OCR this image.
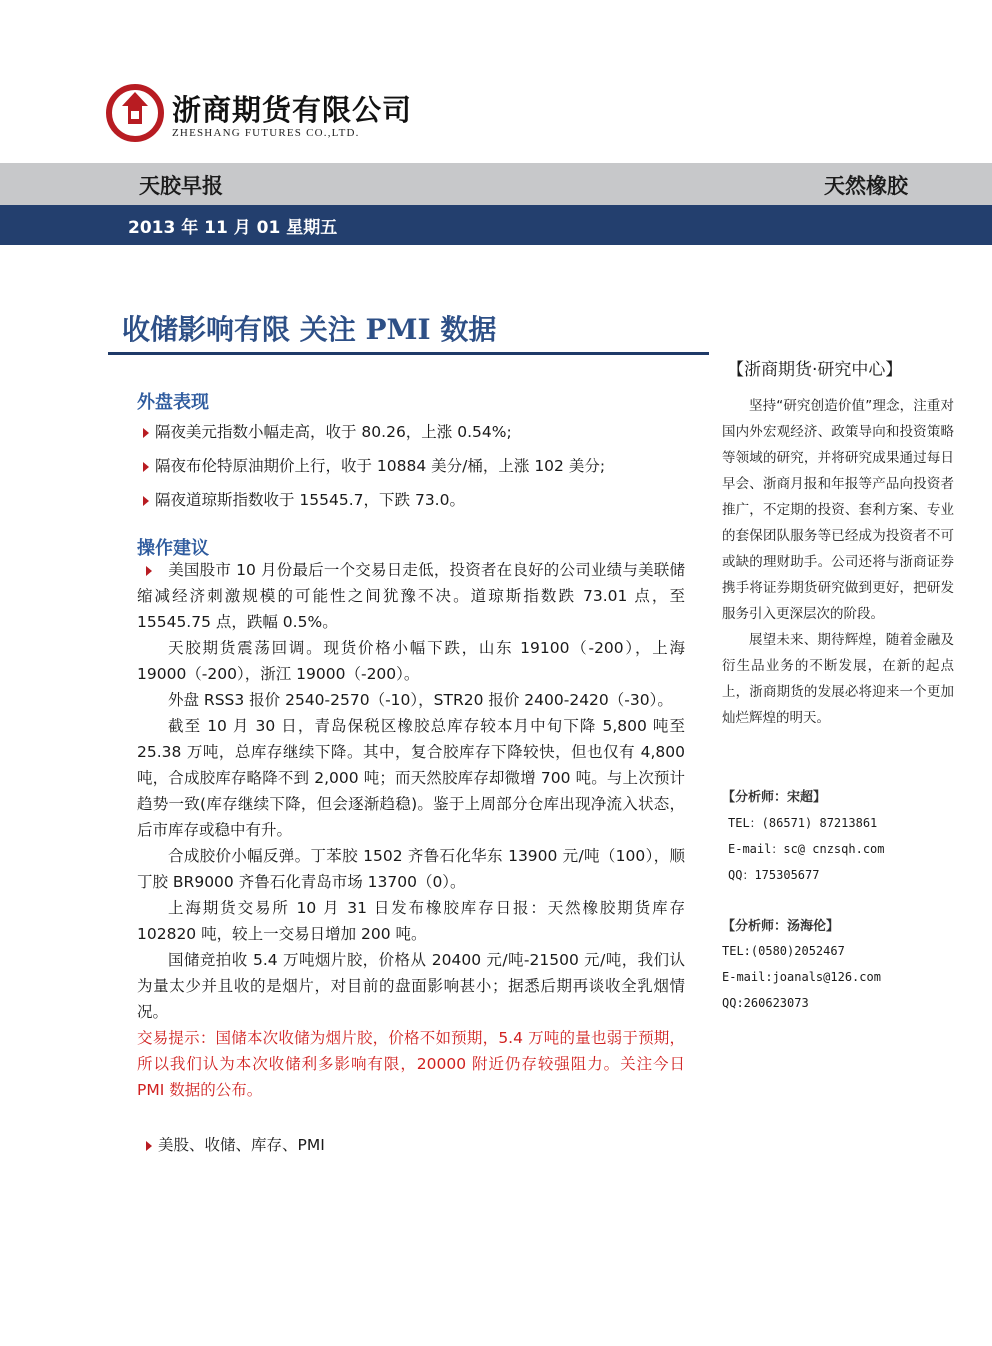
浙商期货有限公司
ZHESHANG FUTURES CO.,LTD.
天胶早报	天然橡胶
2013 年 11 月 01 星期五
收储影响有限 关注 PMI 数据
外盘表现
隔夜美元指数小幅走高，收于 80.26，上涨 0.54%;
隔夜布伦特原油期价上行，收于 10884 美分/桶，上涨 102 美分;
隔夜道琼斯指数收于 15545.7，下跌 73.0。
操作建议

美国股市 10 月份最后一个交易日走低，投资者在良好的公司业绩与美联储缩减经济刺激规模的可能性之间犹豫不决。道琼斯指数跌 73.01 点，至 15545.75 点，跌幅 0.5%。

天胶期货震荡回调。现货价格小幅下跌，山东 19100（-200），上海 19000（-200），浙江 19000（-200）。

外盘 RSS3 报价 2540-2570（-10），STR20 报价 2400-2420（-30）。

截至 10 月 30 日，青岛保税区橡胶总库存较本月中旬下降 5,800 吨至 25.38 万吨，总库存继续下降。其中，复合胶库存下降较快，但也仅有 4,800 吨，合成胶库存略降不到 2,000 吨；而天然胶库存却微增 700 吨。与上次预计趋势一致(库存继续下降，但会逐渐趋稳)。鉴于上周部分仓库出现净流入状态，后市库存或稳中有升。

合成胶价小幅反弹。丁苯胶 1502 齐鲁石化华东 13900 元/吨（100），顺丁胶 BR9000 齐鲁石化青岛市场 13700（0）。

上海期货交易所 10 月 31 日发布橡胶库存日报：天然橡胶期货库存 102820 吨，较上一交易日增加 200 吨。

国储竞拍收 5.4 万吨烟片胶，价格从 20400 元/吨-21500 元/吨，我们认为量太少并且收的是烟片，对目前的盘面影响甚小；据悉后期再谈收全乳烟情况。

交易提示：国储本次收储为烟片胶，价格不如预期，5.4 万吨的量也弱于预期，所以我们认为本次收储利多影响有限，20000 附近仍存较强阻力。关注今日 PMI 数据的公布。

美股、收储、库存、PMI
【浙商期货·研究中心】

坚持“研究创造价值”理念，注重对国内外宏观经济、政策导向和投资策略等领域的研究，并将研究成果通过每日早会、浙商月报和年报等产品向投资者推广，不定期的投资、套利方案、专业的套保团队服务等已经成为投资者不可或缺的理财助手。公司还将与浙商证券携手将证券期货研究做到更好，把研发服务引入更深层次的阶段。

展望未来、期待辉煌，随着金融及衍生品业务的不断发展，在新的起点上，浙商期货的发展必将迎来一个更加灿烂辉煌的明天。

【分析师：宋超】
TEL：(86571) 87213861
E-mail：sc@ cnzsqh.com
QQ：175305677
【分析师：汤海伦】
TEL:(0580)2052467
E-mail:joanals@126.com
QQ:260623073
